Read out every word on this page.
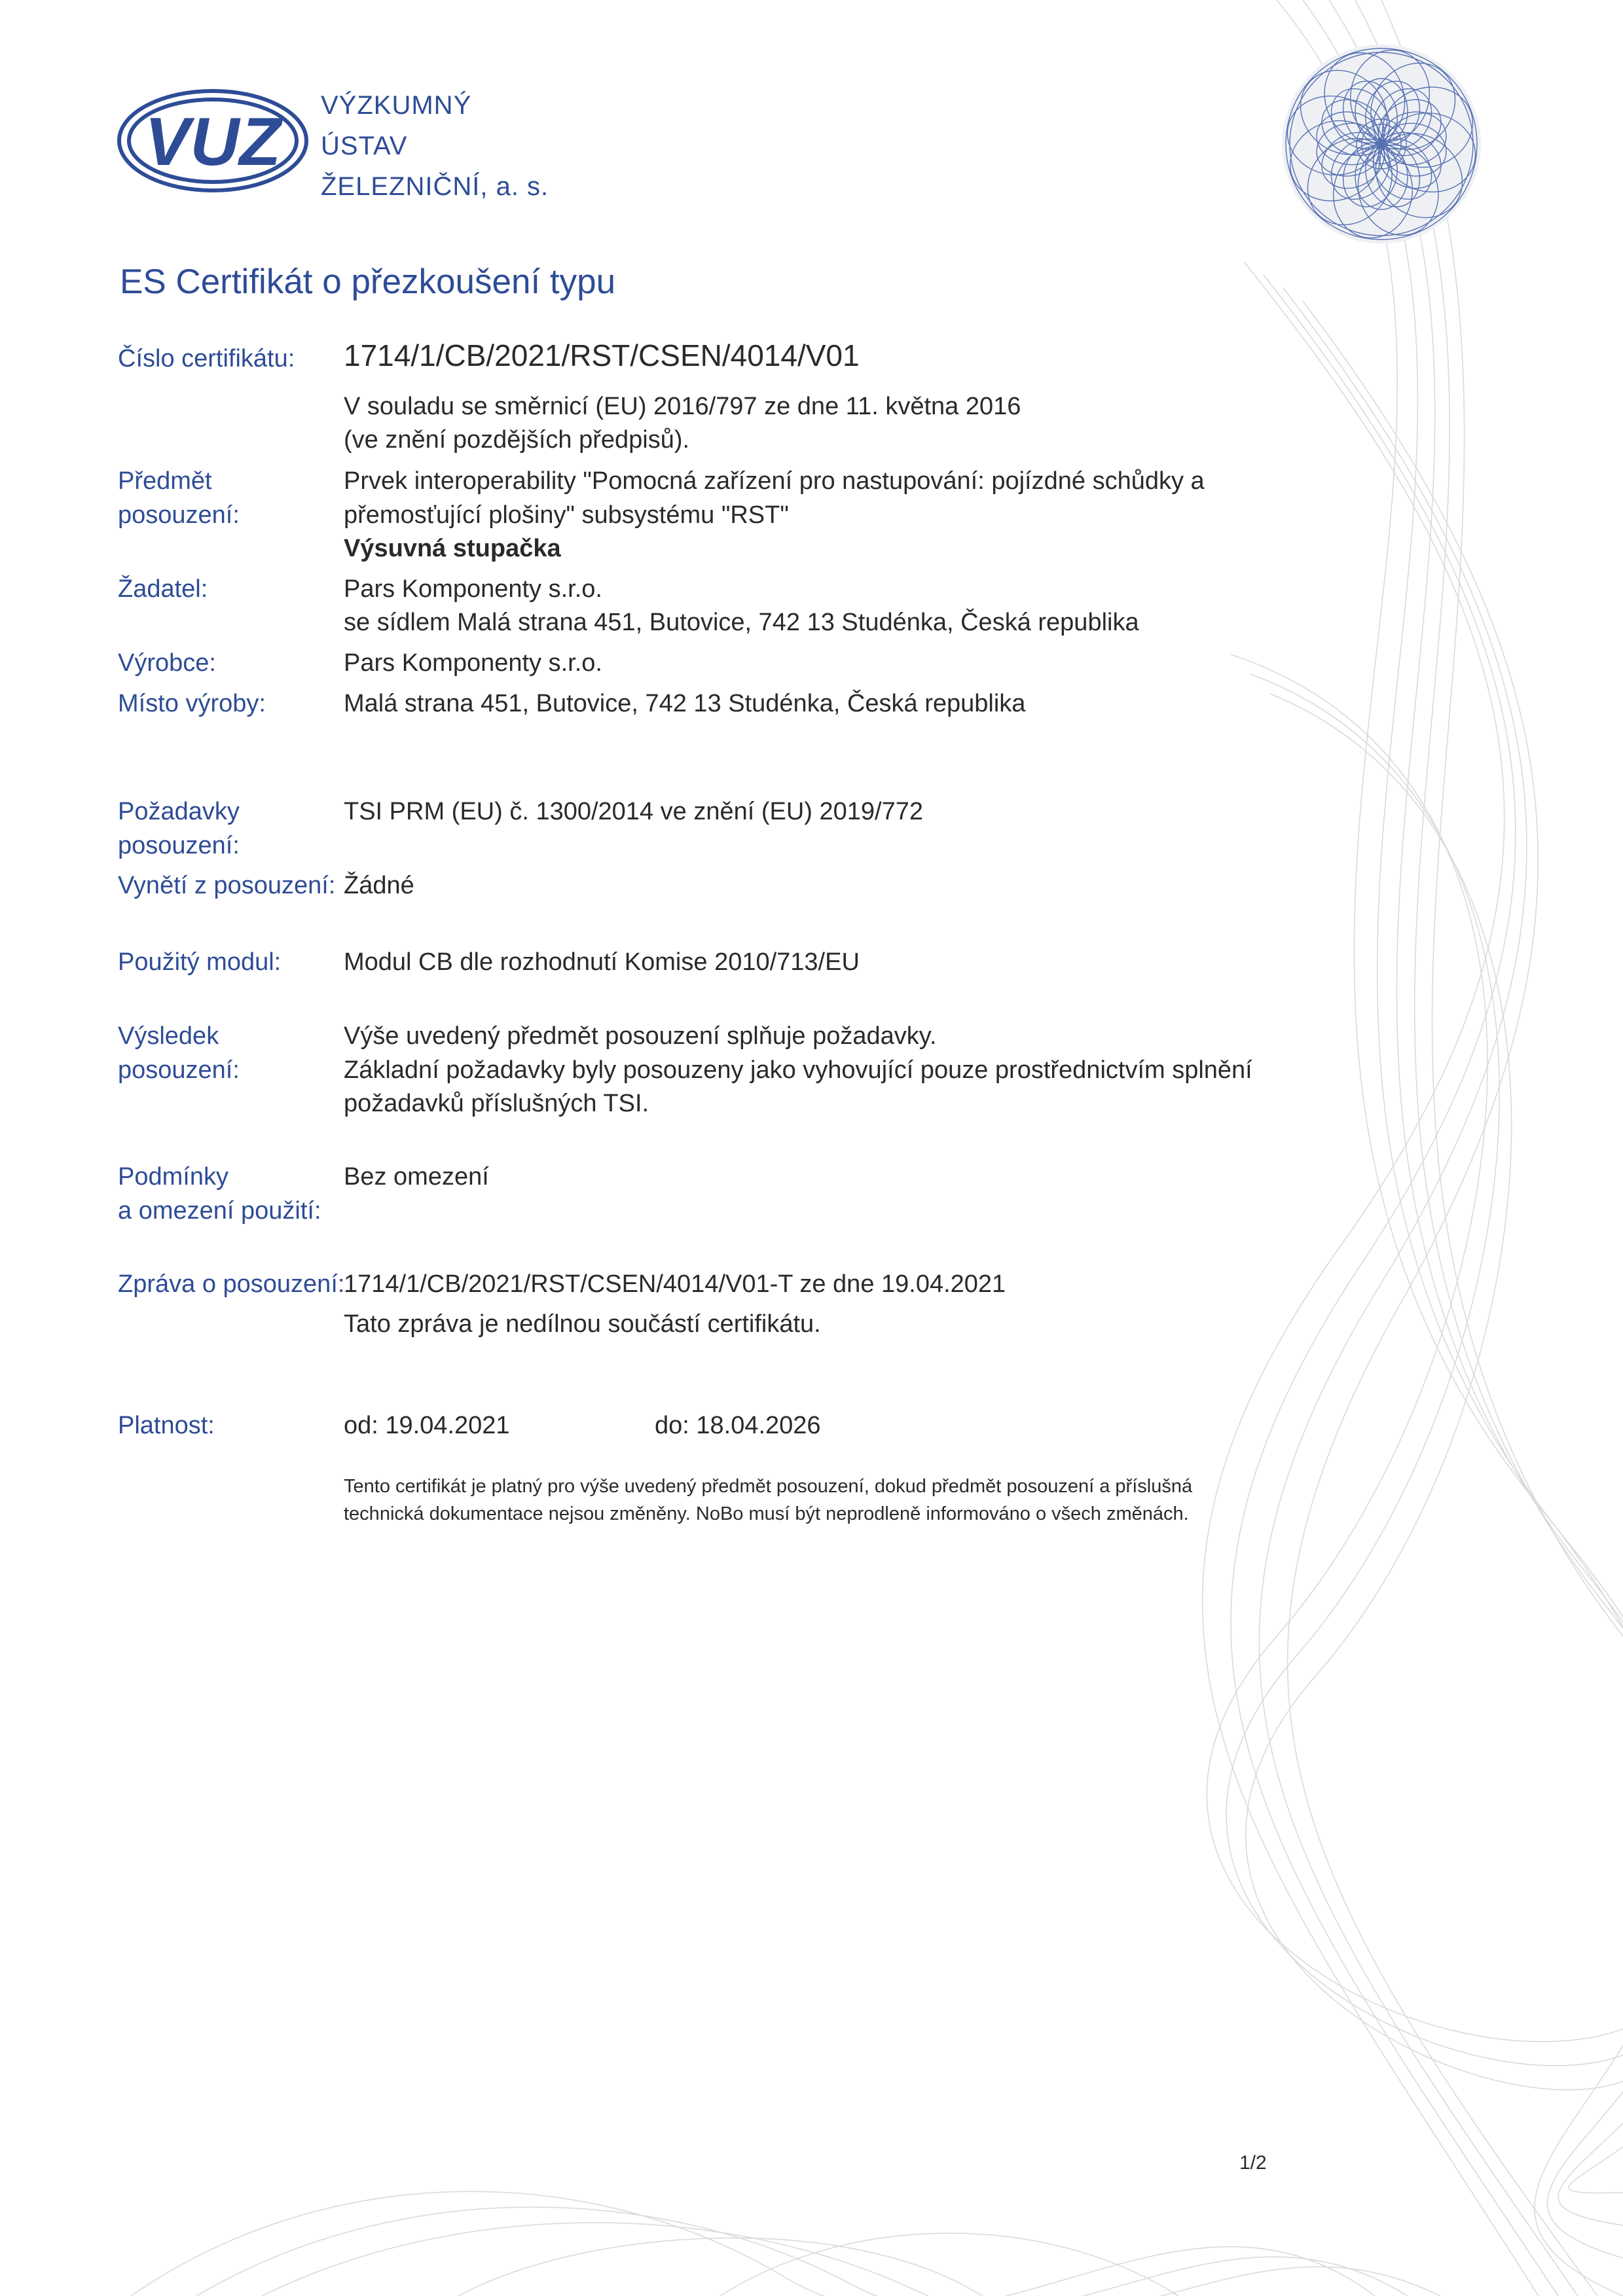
VUZ VÝZKUMNÝ
ÚSTAV
ŽELEZNIČNÍ, a. s.
ES Certifikát o přezkoušení typu
Číslo certifikátu: 1714/1/CB/2021/RST/CSEN/4014/V01
V souladu se směrnicí (EU) 2016/797 ze dne 11. května 2016
(ve znění pozdějších předpisů).
Předmět
posouzení:
Prvek interoperability "Pomocná zařízení pro nastupování: pojízdné schůdky a
přemosťující plošiny" subsystému "RST"
Výsuvná stupačka
Žadatel:	Pars Komponenty s.r.o.
se sídlem Malá strana 451, Butovice, 742 13 Studénka, Česká republika
Výrobce:	Pars Komponenty s.r.o.
Místo výroby:	Malá strana 451, Butovice, 742 13 Studénka, Česká republika
Požadavky
posouzení:
TSI PRM (EU) č. 1300/2014 ve znění (EU) 2019/772
Vynětí z posouzení: Žádné
Použitý modul:	Modul CB dle rozhodnutí Komise 2010/713/EU
Výsledek
posouzení:
Výše uvedený předmět posouzení splňuje požadavky.
Základní požadavky byly posouzeny jako vyhovující pouze prostřednictvím splnění
požadavků příslušných TSI.
Podmínky
a omezení použití:
Bez omezení
Zpráva o posouzení:
1714/1/CB/2021/RST/CSEN/4014/V01-T ze dne 19.04.2021
Tato zpráva je nedílnou součástí certifikátu.
Platnost:	od: 19.04.2021	do: 18.04.2026
Tento certifikát je platný pro výše uvedený předmět posouzení, dokud předmět posouzení a příslušná
technická dokumentace nejsou změněny. NoBo musí být neprodleně informováno o všech změnách.
1/2
